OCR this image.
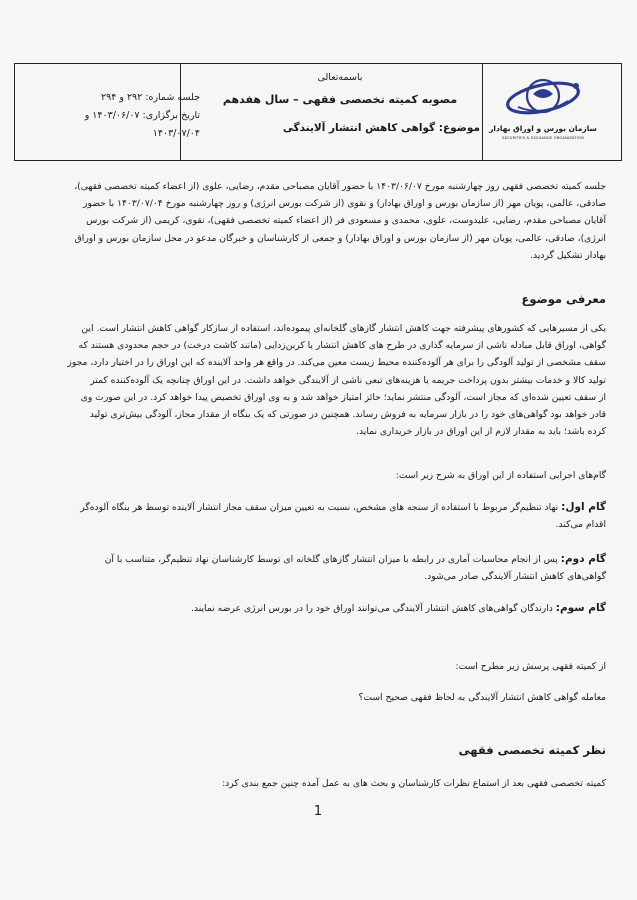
سازمان بورس و اوراق بهادار
SECURITIES & EXCHANGE ORGANIZATION
باسمه‌تعالی
مصوبه کمیته تخصصی فقهی – سال هفدهم
موضوع: گواهی کاهش انتشار آلایندگی
جلسه شماره: ۲۹۲ و ۲۹۴
تاریخ برگزاری: ۱۴۰۳/۰۶/۰۷ و
۱۴۰۳/۰۷/۰۴
جلسه کمیته تخصصی فقهی روز چهارشنبه مورخ ۱۴۰۳/۰۶/۰۷ با حضور آقایان مصباحی مقدم، رضایی، علوی (از اعضاء کمیته تخصصی فقهی)،
صادقی، عالمی، پویان مهر (از سازمان بورس و اوراق بهادار) و نقوی (از شرکت بورس انرژی) و روز چهارشنبه مورخ ۱۴۰۳/۰۷/۰۴ با حضور
آقایان مصباحی مقدم، رضایی، علیدوست، علوی، محمدی و مسعودی فر (از اعضاء کمیته تخصصی فقهی)، نقوی، کریمی (از شرکت بورس
انرژی)، صادقی، عالمی، پویان مهر (از سازمان بورس و اوراق بهادار) و جمعی از کارشناسان و خبرگان مدعو در محل سازمان بورس و اوراق
بهادار تشکیل گردید.
معرفی موضوع
یکی از مسیرهایی که کشورهای پیشرفته جهت کاهش انتشار گازهای گلخانه‌ای پیموده‌اند، استفاده از سازکار گواهی کاهش انتشار است. این
گواهی، اوراق قابل مبادله ناشی از سرمایه گذاری در طرح های کاهش انتشار یا کربن‌زدایی (مانند کاشت درخت) در حجم محدودی هستند که
سقف مشخصی از تولید آلودگی را برای هر آلوده‌کننده محیط زیست معین می‌کند. در واقع هر واحد آلاینده که این اوراق را در اختیار دارد، مجوز
تولید کالا و خدمات بیشتر بدون پرداخت جریمه یا هزینه‌های تبعی ناشی از آلایندگی خواهد داشت. در این اوراق چنانچه یک آلوده‌کننده کمتر
از سقف تعیین شده‌ای که مجاز است، آلودگی منتشر نماید؛ حائز امتیاز خواهد شد و به وی اوراق تخصیص پیدا خواهد کرد. در این صورت وی
قادر خواهد بود گواهی‌های خود را در بازار سرمایه به فروش رساند. همچنین در صورتی که یک بنگاه از مقدار مجاز، آلودگی بیش‌تری تولید
کرده باشد؛ باید به مقدار لازم از این اوراق در بازار خریداری نماید.
گام‌های اجرایی استفاده از این اوراق به شرح زیر است:
گام اول: نهاد تنظیم‌گر مربوط با استفاده از سنجه های مشخص، نسبت به تعیین میزان سقف مجاز انتشار آلاینده توسط هر بنگاه آلوده‌گر
اقدام می‌کند.
گام دوم: پس از انجام محاسبات آماری در رابطه با میزان انتشار گازهای گلخانه ای توسط کارشناسان نهاد تنظیم‌گر، متناسب با آن
گواهی‌های کاهش انتشار آلایندگی صادر می‌شود.
گام سوم: دارندگان گواهی‌های کاهش انتشار آلایندگی می‌توانند اوراق خود را در بورس انرژی عرضه نمایند.
از کمیته فقهی پرسش زیر مطرح است:
معامله گواهی کاهش انتشار آلایندگی به لحاظ فقهی صحیح است؟
نظر کمیته تخصصی فقهی
کمیته تخصصی فقهی بعد از استماع نظرات کارشناسان و بحث های به عمل آمده چنین جمع بندی کرد:
1
